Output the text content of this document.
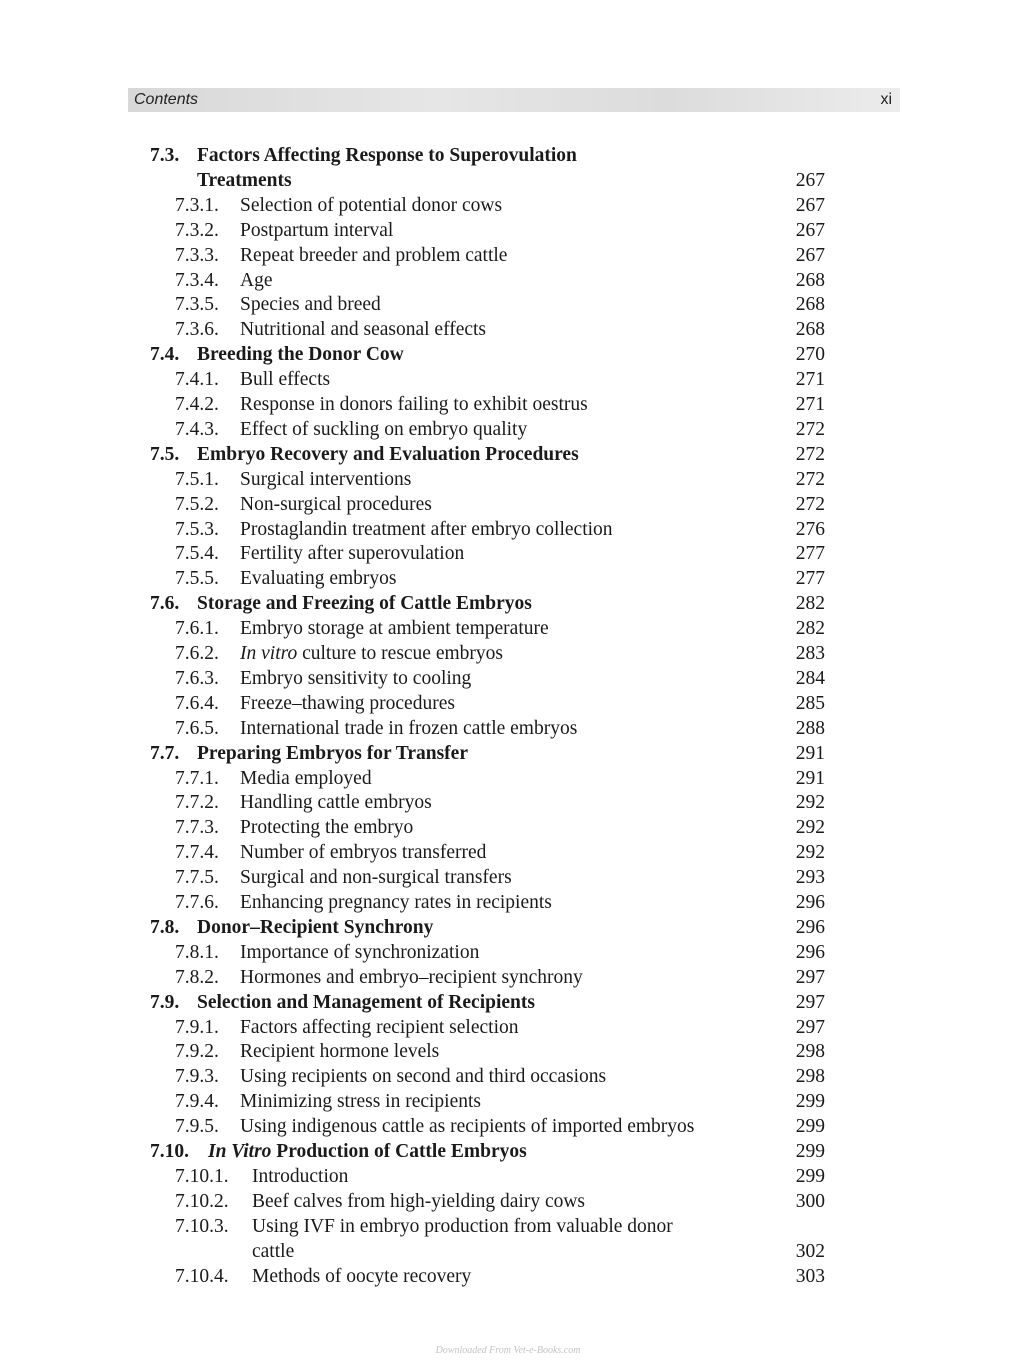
Contents	xi
7.3. Factors Affecting Response to Superovulation
Treatments	267
7.3.1. Selection of potential donor cows	267
7.3.2. Postpartum interval	267
7.3.3. Repeat breeder and problem cattle	267
7.3.4. Age	268
7.3.5. Species and breed	268
7.3.6. Nutritional and seasonal effects	268
7.4. Breeding the Donor Cow	270
7.4.1. Bull effects	271
7.4.2. Response in donors failing to exhibit oestrus	271
7.4.3. Effect of suckling on embryo quality	272
7.5. Embryo Recovery and Evaluation Procedures	272
7.5.1. Surgical interventions	272
7.5.2. Non-surgical procedures	272
7.5.3. Prostaglandin treatment after embryo collection	276
7.5.4. Fertility after superovulation	277
7.5.5. Evaluating embryos	277
7.6. Storage and Freezing of Cattle Embryos	282
7.6.1. Embryo storage at ambient temperature	282
7.6.2. In vitro culture to rescue embryos	283
7.6.3. Embryo sensitivity to cooling	284
7.6.4. Freeze–thawing procedures	285
7.6.5. International trade in frozen cattle embryos	288
7.7. Preparing Embryos for Transfer	291
7.7.1. Media employed	291
7.7.2. Handling cattle embryos	292
7.7.3. Protecting the embryo	292
7.7.4. Number of embryos transferred	292
7.7.5. Surgical and non-surgical transfers	293
7.7.6. Enhancing pregnancy rates in recipients	296
7.8. Donor–Recipient Synchrony	296
7.8.1. Importance of synchronization	296
7.8.2. Hormones and embryo–recipient synchrony	297
7.9. Selection and Management of Recipients	297
7.9.1. Factors affecting recipient selection	297
7.9.2. Recipient hormone levels	298
7.9.3. Using recipients on second and third occasions	298
7.9.4. Minimizing stress in recipients	299
7.9.5. Using indigenous cattle as recipients of imported embryos	299
7.10. In Vitro Production of Cattle Embryos	299
7.10.1. Introduction	299
7.10.2. Beef calves from high-yielding dairy cows	300
7.10.3. Using IVF in embryo production from valuable donor
cattle	302
7.10.4. Methods of oocyte recovery	303
Downloaded From Vet-e-Books.com
